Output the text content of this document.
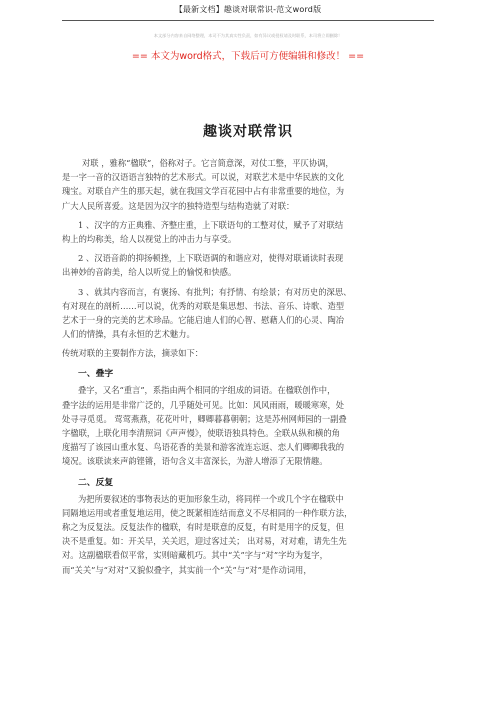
【最新文档】趣谈对联常识-范文word版
本文部分内容来自网络整理，本司不为其真实性负责，如有异议或侵权请及时联系，本司将立即删除！
== 本文为word格式，下载后可方便编辑和修改！ ==
趣谈对联常识
对联 ，雅称“楹联”，俗称对子。它言简意深，对仗工整，平仄协调，
是一字一音的汉语语言独特的艺术形式。可以说，对联艺术是中华民族的文化
瑰宝。对联自产生的那天起，就在我国文学百花园中占有非常重要的地位，为
广大人民所喜爱。这是因为汉字的独特造型与结构造就了对联：
1 、汉字的方正典雅、齐整庄重，上下联语句的工整对仗，赋予了对联结
构上的均称美，给人以视觉上的冲击力与享受。
2 、汉语音韵的抑扬顿挫，上下联语调的和谐应对，使得对联诵读时表现
出神妙的音韵美，给人以听觉上的愉悦和快感。
3 、就其内容而言，有褒扬、有批判；有抒情、有绘景；有对历史的深思、
有对现在的剖析……可以说，优秀的对联是集思想、书法、音乐、诗歌、造型
艺术于一身的完美的艺术珍品。它能启迪人们的心智、慰藉人们的心灵、陶冶
人们的情操，具有永恒的艺术魅力。
传统对联的主要制作方法，摘录如下：
一、叠字
叠字，又名“重言”，系指由两个相同的字组成的词语。在楹联创作中，
叠字法的运用是非常广泛的，几乎随处可见。比如：风风雨雨，暖暖寒寒，处
处寻寻觅觅。 莺莺燕燕，花花叶叶，卿卿暮暮朝朝；这是苏州网师园的一副叠
字楹联，上联化用李清照词《声声慢》，使联语独具特色。全联从纵和横的角
度描写了该园山重水复、鸟语花香的美景和游客流连忘返、恋人们卿卿我我的
境况。该联读来声韵铿锵，语句含义丰富深长，为游人增添了无限情趣。
二、反复
为把所要叙述的事物表达的更加形象生动，将同样一个或几个字在楹联中
同隔地运用或者重复地运用，使之既紧相连结而意义不尽相同的一种作联方法，
称之为反复法。反复法作的楹联，有时是联意的反复，有时是用字的反复，但
决不是重复。如：开关早，关关迟，迎过客过关； 出对易，对对难，请先生先
对。这副楹联看似平常，实则暗藏机巧。其中“关”字与“对”字均为复字，
而“关关”与“对对”又貌似叠字，其实前一个“关”与“对”是作动词用，
